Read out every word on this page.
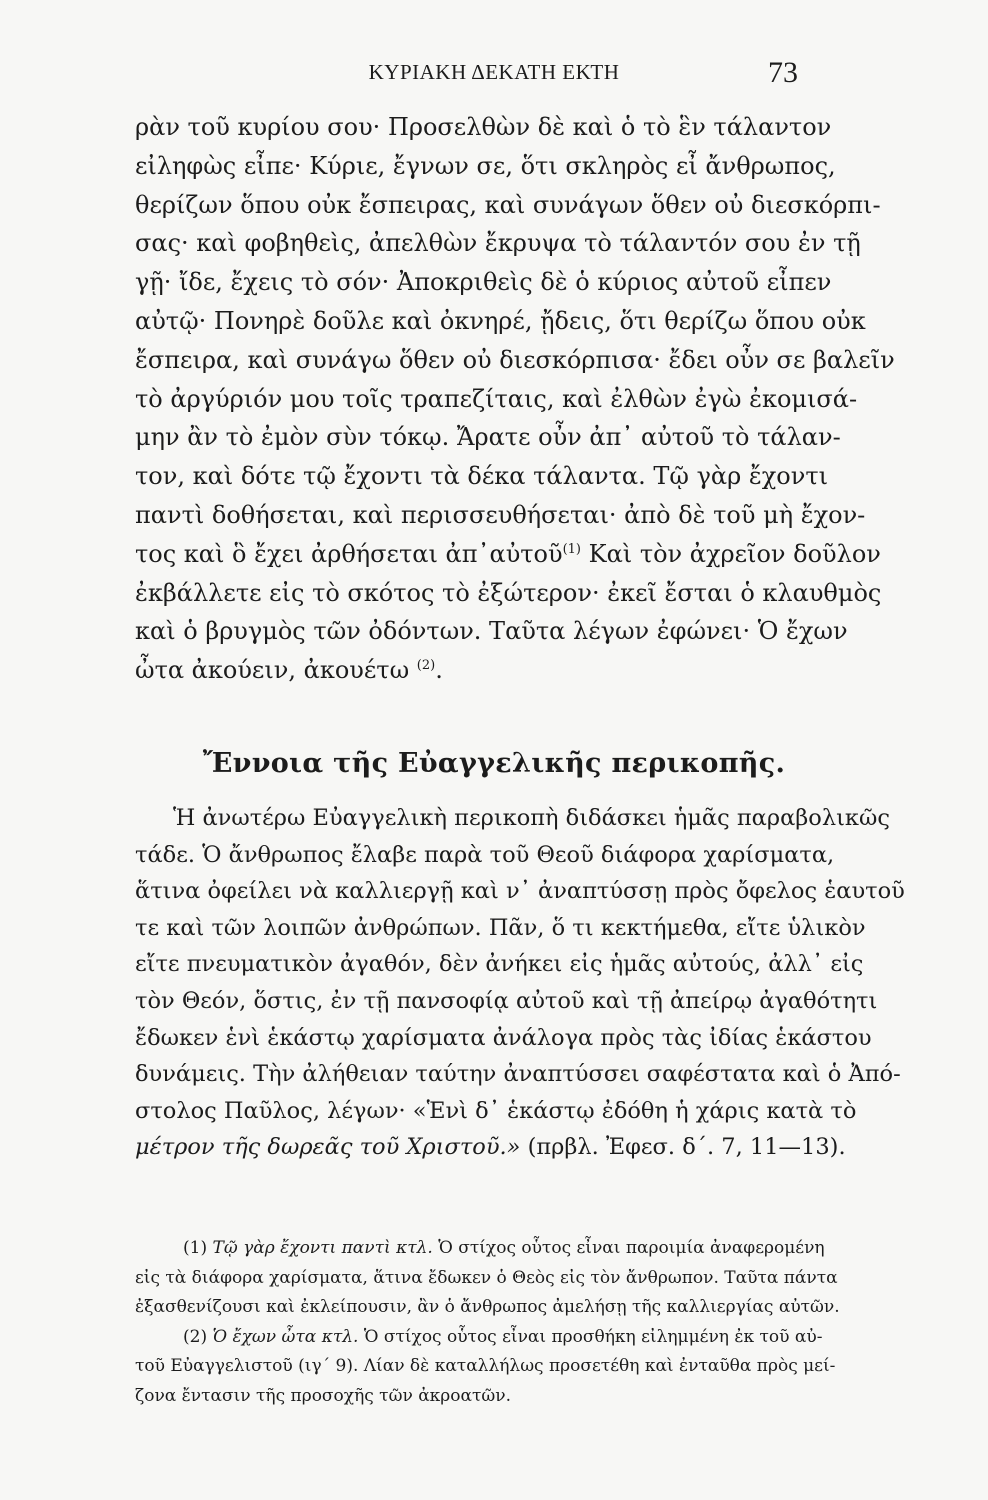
ΚΥΡΙΑΚΗ ΔΕΚΑΤΗ ΕΚΤΗ	73
ρὰν τοῦ κυρίου σου· Προσελθὼν δὲ καὶ ὁ τὸ ἓν τάλαντον
εἰληφὼς εἶπε· Κύριε, ἔγνων σε, ὅτι σκληρὸς εἶ ἄνθρωπος,
θερίζων ὅπου οὐκ ἔσπειρας, καὶ συνάγων ὅθεν οὐ διεσκόρπι-
σας· καὶ φοβηθεὶς, ἀπελθὼν ἔκρυψα τὸ τάλαντόν σου ἐν τῇ
γῇ· ἴδε, ἔχεις τὸ σόν· Ἀποκριθεὶς δὲ ὁ κύριος αὐτοῦ εἶπεν
αὐτῷ· Πονηρὲ δοῦλε καὶ ὀκνηρέ, ᾔδεις, ὅτι θερίζω ὅπου οὐκ
ἔσπειρα, καὶ συνάγω ὅθεν οὐ διεσκόρπισα· ἔδει οὖν σε βαλεῖν
τὸ ἀργύριόν μου τοῖς τραπεζίταις, καὶ ἐλθὼν ἐγὼ ἐκομισά-
μην ἂν τὸ ἐμὸν σὺν τόκῳ. Ἄρατε οὖν ἀπ᾽ αὐτοῦ τὸ τάλαν-
τον, καὶ δότε τῷ ἔχοντι τὰ δέκα τάλαντα. Τῷ γὰρ ἔχοντι
παντὶ δοθήσεται, καὶ περισσευθήσεται· ἀπὸ δὲ τοῦ μὴ ἔχον-
τος καὶ ὃ ἔχει ἀρθήσεται ἀπ᾽αὐτοῦ$^{(1)}$ Καὶ τὸν ἀχρεῖον δοῦλον
ἐκβάλλετε εἰς τὸ σκότος τὸ ἐξώτερον· ἐκεῖ ἔσται ὁ κλαυθμὸς
καὶ ὁ βρυγμὸς τῶν ὀδόντων. Ταῦτα λέγων ἐφώνει· Ὁ ἔχων
ὦτα ἀκούειν, ἀκουέτω $^{(2)}$.
Ἔννοια τῆς Εὐαγγελικῆς περικοπῆς.
Ἡ ἀνωτέρω Εὐαγγελικὴ περικοπὴ διδάσκει ἡμᾶς παραβολικῶς
τάδε. Ὁ ἄνθρωπος ἔλαβε παρὰ τοῦ Θεοῦ διάφορα χαρίσματα,
ἅτινα ὀφείλει νὰ καλλιεργῇ καὶ ν᾽ ἀναπτύσσῃ πρὸς ὄφελος ἑαυτοῦ
τε καὶ τῶν λοιπῶν ἀνθρώπων. Πᾶν, ὅ τι κεκτήμεθα, εἴτε ὑλικὸν
εἴτε πνευματικὸν ἀγαθόν, δὲν ἀνήκει εἰς ἡμᾶς αὐτούς, ἀλλ᾽ εἰς
τὸν Θεόν, ὅστις, ἐν τῇ πανσοφίᾳ αὐτοῦ καὶ τῇ ἀπείρῳ ἀγαθότητι
ἔδωκεν ἑνὶ ἑκάστῳ χαρίσματα ἀνάλογα πρὸς τὰς ἰδίας ἑκάστου
δυνάμεις. Τὴν ἀλήθειαν ταύτην ἀναπτύσσει σαφέστατα καὶ ὁ Ἀπό-
στολος Παῦλος, λέγων· «Ἑνὶ δ᾽ ἑκάστῳ ἐδόθη ἡ χάρις κατὰ τὸ
μέτρον τῆς δωρεᾶς τοῦ Χριστοῦ.» (πρβλ. Ἐφεσ. δ΄. 7, 11—13).
(1) Τῷ γὰρ ἔχοντι παντὶ κτλ. Ὁ στίχος οὗτος εἶναι παροιμία ἀναφερομένη
εἰς τὰ διάφορα χαρίσματα, ἅτινα ἔδωκεν ὁ Θεὸς εἰς τὸν ἄνθρωπον. Ταῦτα πάντα
ἐξασθενίζουσι καὶ ἐκλείπουσιν, ἂν ὁ ἄνθρωπος ἀμελήσῃ τῆς καλλιεργίας αὐτῶν.
(2) Ὁ ἔχων ὦτα κτλ. Ὁ στίχος οὗτος εἶναι προσθήκη εἰλημμένη ἐκ τοῦ αὐ-
τοῦ Εὐαγγελιστοῦ (ιγ΄ 9). Λίαν δὲ καταλλήλως προσετέθη καὶ ἐνταῦθα πρὸς μεί-
ζονα ἔντασιν τῆς προσοχῆς τῶν ἀκροατῶν.
